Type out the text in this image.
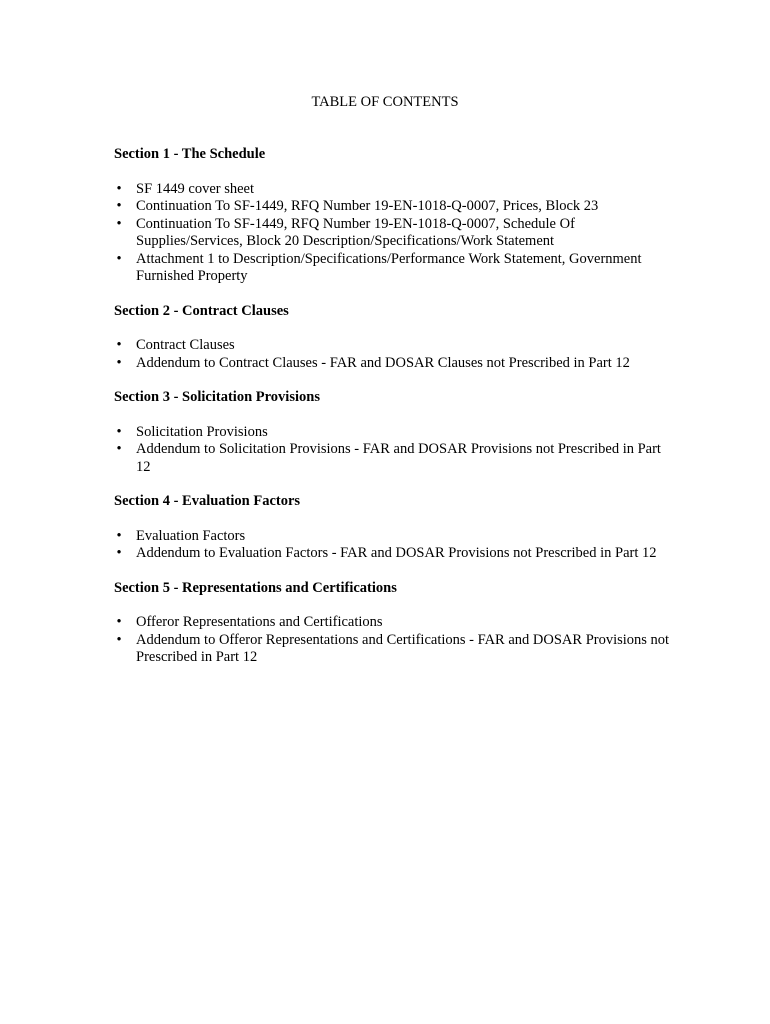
TABLE OF CONTENTS
Section 1 - The Schedule
• SF 1449 cover sheet
• Continuation To SF-1449, RFQ Number 19-EN-1018-Q-0007, Prices, Block 23
• Continuation To SF-1449, RFQ Number 19-EN-1018-Q-0007, Schedule Of Supplies/Services, Block 20 Description/Specifications/Work Statement
• Attachment 1 to Description/Specifications/Performance Work Statement, Government Furnished Property
Section 2 - Contract Clauses
• Contract Clauses
• Addendum to Contract Clauses - FAR and DOSAR Clauses not Prescribed in Part 12
Section 3 - Solicitation Provisions
• Solicitation Provisions
• Addendum to Solicitation Provisions - FAR and DOSAR Provisions not Prescribed in Part 12
Section 4 - Evaluation Factors
• Evaluation Factors
• Addendum to Evaluation Factors - FAR and DOSAR Provisions not Prescribed in Part 12
Section 5 - Representations and Certifications
• Offeror Representations and Certifications
• Addendum to Offeror Representations and Certifications - FAR and DOSAR Provisions not Prescribed in Part 12
